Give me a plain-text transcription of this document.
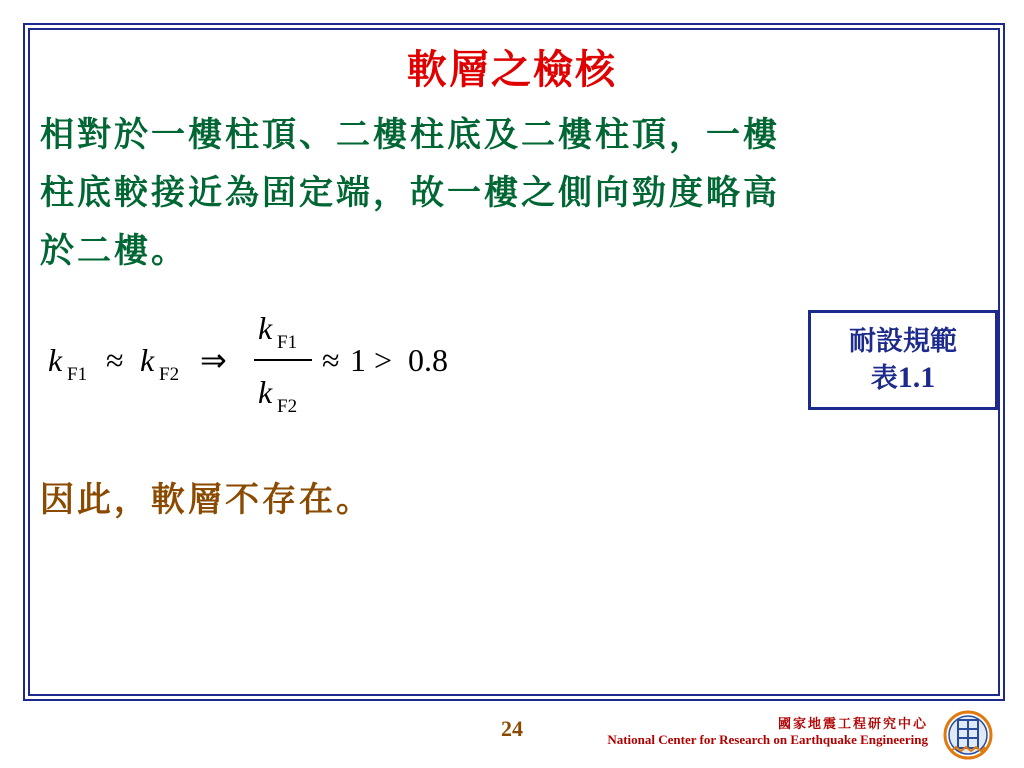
軟層之檢核
相對於一樓柱頂、二樓柱底及二樓柱頂，一樓
柱底較接近為固定端，故一樓之側向勁度略高
於二樓。
k F1 ≈ k F2 ⇒
k F1
k F2
≈ 1 > 0.8
耐設規範
表1.1
因此，軟層不存在。
24	國家地震工程研究中心
National Center for Research on Earthquake Engineering
